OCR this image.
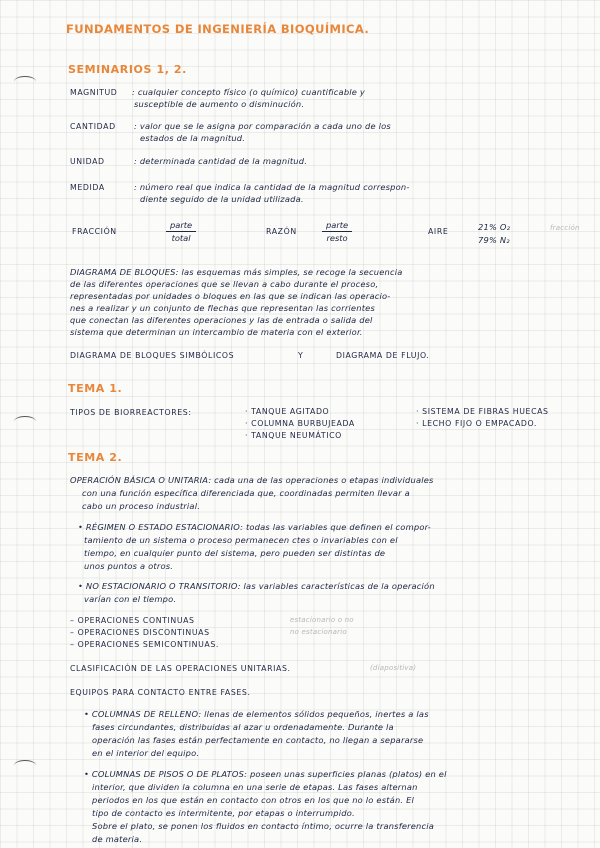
FUNDAMENTOS DE INGENIERÍA BIOQUÍMICA.
SEMINARIOS 1, 2.
MAGNITUD : cualquier concepto físico (o químico) cuantificable y
susceptible de aumento o disminución.
CANTIDAD : valor que se le asigna por comparación a cada uno de los
estados de la magnitud.
UNIDAD	: determinada cantidad de la magnitud.
MEDIDA	: número real que indica la cantidad de la magnitud correspon-
diente seguido de la unidad utilizada.
FRACCIÓN
parte
total
RAZÓN
parte
resto
AIRE	21% O₂
79% N₂
fracción
DIAGRAMA DE BLOQUES: las esquemas más simples, se recoge la secuencia
de las diferentes operaciones que se llevan a cabo durante el proceso,
representadas por unidades o bloques en las que se indican las operacio-
nes a realizar y un conjunto de flechas que representan las corrientes
que conectan las diferentes operaciones y las de entrada o salida del
sistema que determinan un intercambio de materia con el exterior.
DIAGRAMA DE BLOQUES SIMBÓLICOS	Y	DIAGRAMA DE FLUJO.
TEMA 1.
TIPOS DE BIORREACTORES:	· TANQUE AGITADO
· COLUMNA BURBUJEADA
· TANQUE NEUMÁTICO
· SISTEMA DE FIBRAS HUECAS
· LECHO FIJO O EMPACADO.
TEMA 2.
OPERACIÓN BÁSICA O UNITARIA: cada una de las operaciones o etapas individuales
con una función específica diferenciada que, coordinadas permiten llevar a
cabo un proceso industrial.
• RÉGIMEN O ESTADO ESTACIONARIO: todas las variables que definen el compor-
tamiento de un sistema o proceso permanecen ctes o invariables con el
tiempo, en cualquier punto del sistema, pero pueden ser distintas de
unos puntos a otros.
• NO ESTACIONARIO O TRANSITORIO: las variables características de la operación
varían con el tiempo.
– OPERACIONES CONTINUAS	estacionario o no
– OPERACIONES DISCONTINUAS	no estacionario
– OPERACIONES SEMICONTINUAS.
CLASIFICACIÓN DE LAS OPERACIONES UNITARIAS.	(diapositiva)
EQUIPOS PARA CONTACTO ENTRE FASES.
• COLUMNAS DE RELLENO: llenas de elementos sólidos pequeños, inertes a las
fases circundantes, distribuidas al azar u ordenadamente. Durante la
operación las fases están perfectamente en contacto, no llegan a separarse
en el interior del equipo.
• COLUMNAS DE PISOS O DE PLATOS: poseen unas superficies planas (platos) en el
interior, que dividen la columna en una serie de etapas. Las fases alternan
periodos en los que están en contacto con otros en los que no lo están. El
tipo de contacto es intermitente, por etapas o interrumpido.
Sobre el plato, se ponen los fluidos en contacto íntimo, ocurre la transferencia
de materia.
